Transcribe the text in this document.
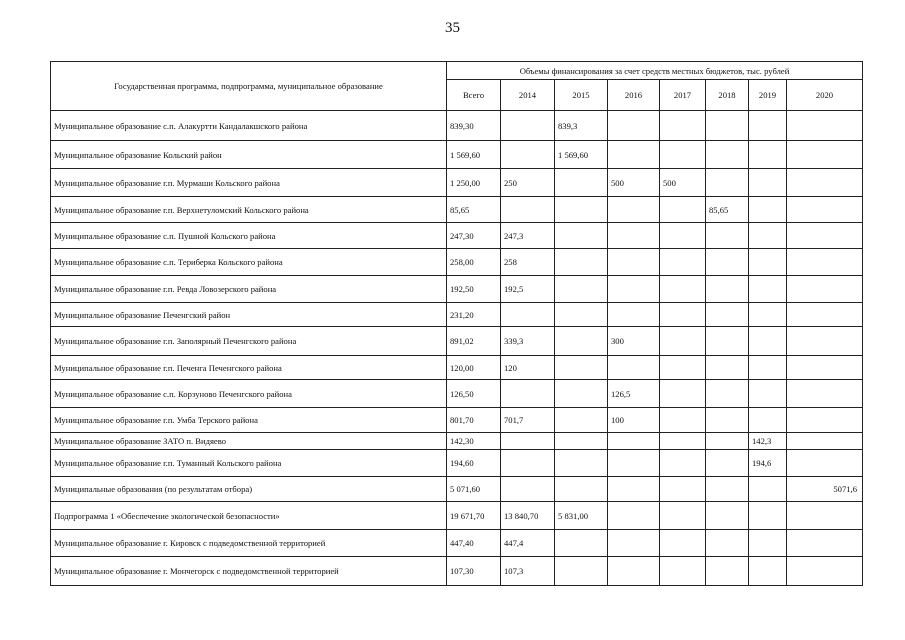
35
Государственная программа, подпрограмма, муниципальное образование	Объемы финансирования за счет средств местных бюджетов, тыс. рублей							
	Всего	2014	2015	2016	2017	2018	2019	2020
Муниципальное образование с.п. Алакуртти Кандалакшского района	839,30		839,3					
Муниципальное образование Кольский район	1 569,60		1 569,60					
Муниципальное образование г.п. Мурмаши Кольского района	1 250,00	250		500	500			
Муниципальное образование г.п. Верхнетуломский Кольского района	85,65					85,65		
Муниципальное образование с.п. Пушной Кольского района	247,30	247,3						
Муниципальное образование с.п. Териберка Кольского района	258,00	258						
Муниципальное образование г.п. Ревда Ловозерского района	192,50	192,5						
Муниципальное образование Печенгский район	231,20							
Муниципальное образование г.п. Заполярный Печенгского района	891,02	339,3		300				
Муниципальное образование г.п. Печенга Печенгского района	120,00	120						
Муниципальное образование с.п. Корзуново Печенгского района	126,50			126,5				
Муниципальное образование г.п. Умба Терского района	801,70	701,7		100				
Муниципальное образование ЗАТО п. Видяево	142,30						142,3	
Муниципальное образование г.п. Туманный Кольского района	194,60						194,6	
Муниципальные образования (по результатам отбора)	5 071,60							5071,6
Подпрограмма 1 «Обеспечение экологической безопасности»	19 671,70	13 840,70	5 831,00					
Муниципальное образование г. Кировск с подведомственной территорией	447,40	447,4						
Муниципальное образование г. Мончегорск с подведомственной территорией	107,30	107,3						
